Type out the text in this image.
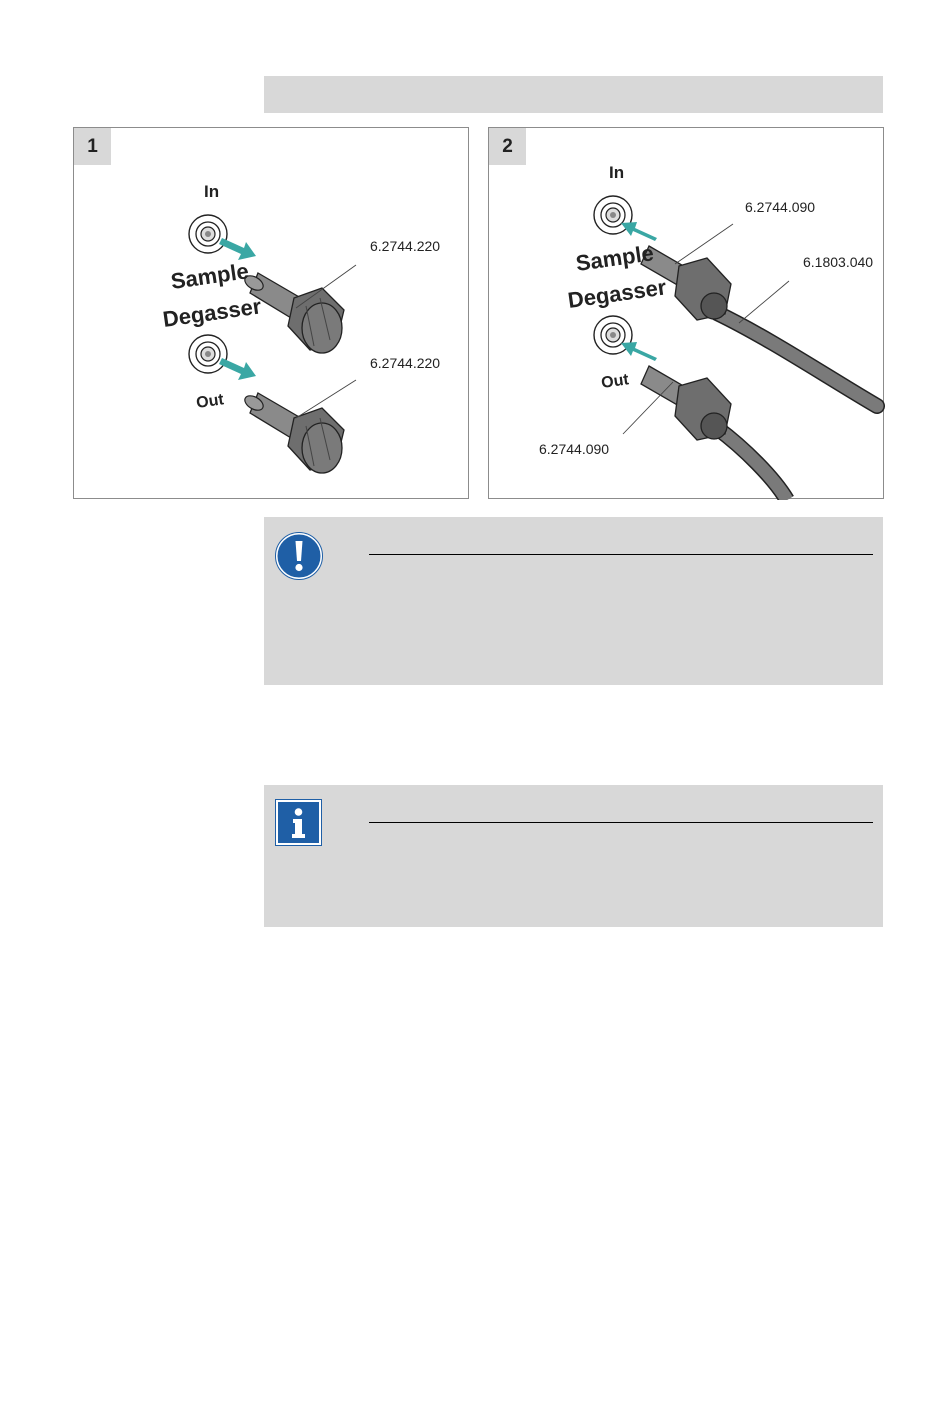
In
Sample
Degasser
Out
6.2744.220
6.2744.220
1
In
Sample
Degasser
Out
6.2744.090
6.1803.040
6.2744.090
2
